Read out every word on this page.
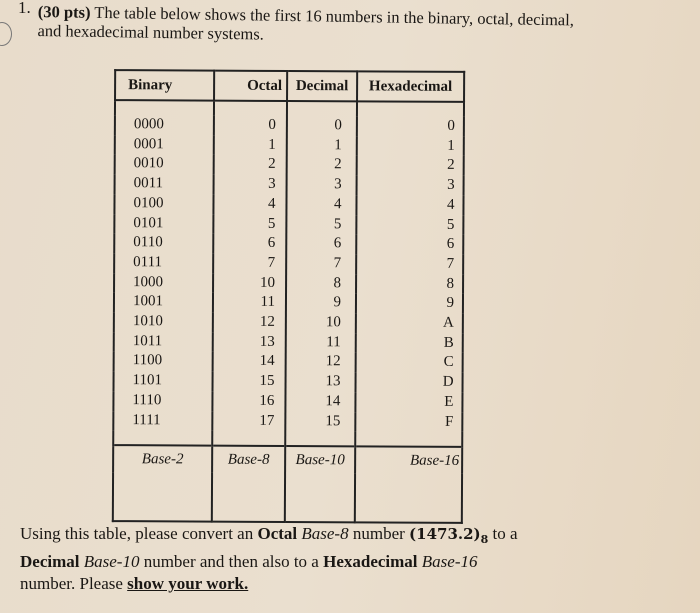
1. (30 pts) The table below shows the first 16 numbers in the binary, octal, decimal, and hexadecimal number systems.
Binary	Octal	Decimal	Hexadecimal

0000	0	0	0
0001	1	1	1
0010	2	2	2
0011	3	3	3
0100	4	4	4
0101	5	5	5
0110	6	6	6
0111	7	7	7
1000	10	8	8
1001	11	9	9
1010	12	10	A
1011	13	11	B
1100	14	12	C
1101	15	13	D
1110	16	14	E
1111	17	15	F

Base-2	Base-8	Base-10	Base-16

Using this table, please convert an Octal Base-8 number $(1473.2)_8$ to a
Decimal Base-10 number and then also to a Hexadecimal Base-16
number. Please show your work.
